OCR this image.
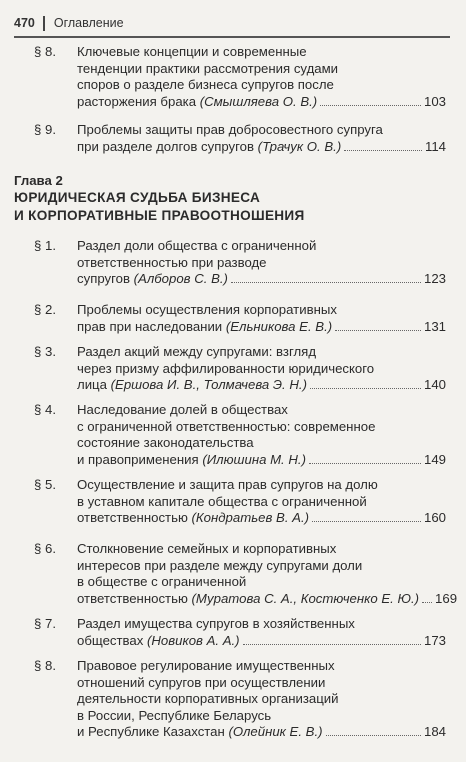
470 Оглавление
§ 8. Ключевые концепции и современные
тенденции практики рассмотрения судами
споров о разделе бизнеса супругов после
расторжения брака (Смышляева О. В.)	103
§ 9. Проблемы защиты прав добросовестного супруга
при разделе долгов супругов (Трачук О. В.)	114
Глава 2
ЮРИДИЧЕСКАЯ СУДЬБА БИЗНЕСА
И КОРПОРАТИВНЫЕ ПРАВООТНОШЕНИЯ
§ 1. Раздел доли общества с ограниченной
ответственностью при разводе
супругов (Алборов С. В.)	123
§ 2. Проблемы осуществления корпоративных
прав при наследовании (Ельникова Е. В.)	131
§ 3. Раздел акций между супругами: взгляд
через призму аффилированности юридического
лица (Ершова И. В., Толмачева Э. Н.)	140
§ 4. Наследование долей в обществах
с ограниченной ответственностью: современное
состояние законодательства
и правоприменения (Илюшина М. Н.)	149
§ 5. Осуществление и защита прав супругов на долю
в уставном капитале общества с ограниченной
ответственностью (Кондратьев В. А.)	160
§ 6. Столкновение семейных и корпоративных
интересов при разделе между супругами доли
в обществе с ограниченной
ответственностью (Муратова С. А., Костюченко Е. Ю.) 169
§ 7. Раздел имущества супругов в хозяйственных
обществах (Новиков А. А.)	173
§ 8. Правовое регулирование имущественных
отношений супругов при осуществлении
деятельности корпоративных организаций
в России, Республике Беларусь
и Республике Казахстан (Олейник Е. В.)	184
